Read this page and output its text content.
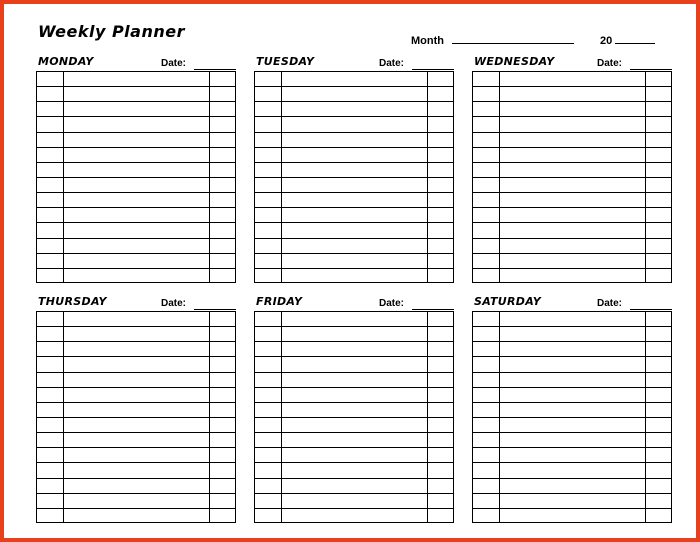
Weekly Planner	Month	20
MONDAY	Date:	TUESDAY	Date:	WEDNESDAY	Date:
THURSDAY	Date:	FRIDAY	Date:	SATURDAY	Date:
